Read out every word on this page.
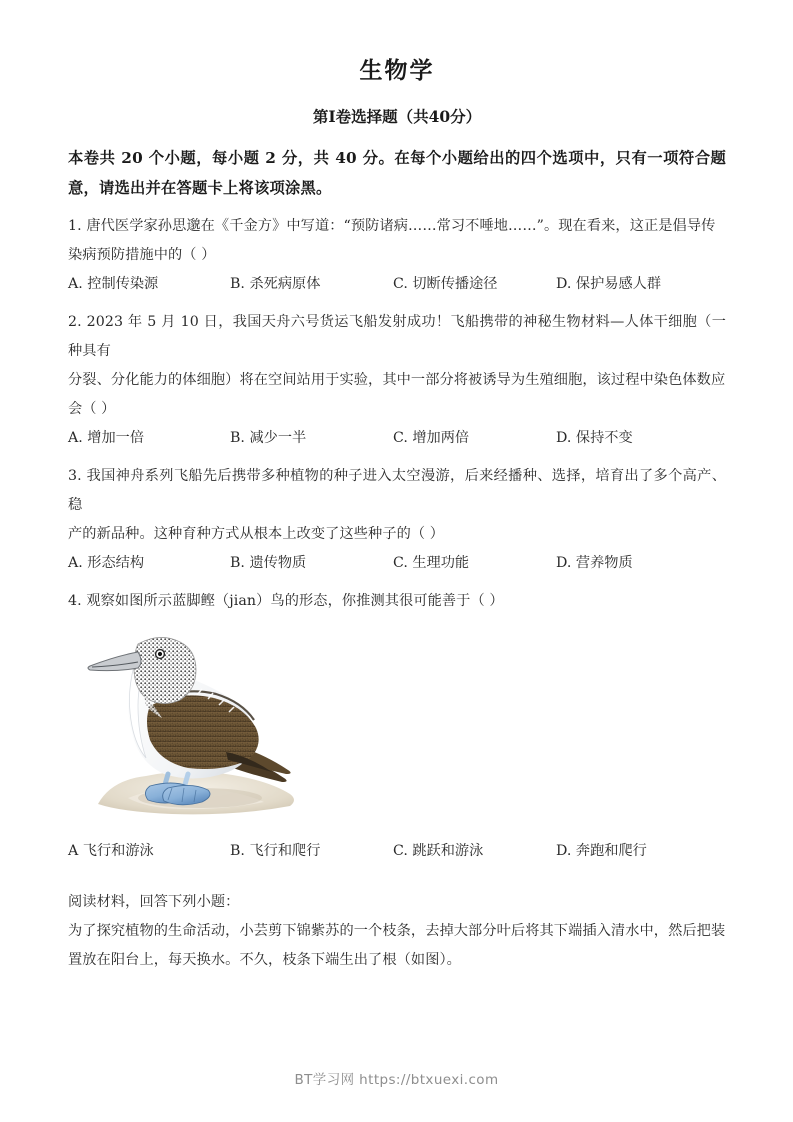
生物学
第I卷选择题（共40分）

本卷共 20 个小题，每小题 2 分，共 40 分。在每个小题给出的四个选项中，只有一项符合题意，请选出并在答题卡上将该项涂黑。

1. 唐代医学家孙思邈在《千金方》中写道：“预防诸病……常习不唾地……”。现在看来，这正是倡导传

染病预防措施中的（ ）

A. 控制传染源	B. 杀死病原体	C. 切断传播途径	D. 保护易感人群

2. 2023 年 5 月 10 日，我国天舟六号货运飞船发射成功！飞船携带的神秘生物材料—人体干细胞（一种具有

分裂、分化能力的体细胞）将在空间站用于实验，其中一部分将被诱导为生殖细胞，该过程中染色体数应

会（ ）

A. 增加一倍	B. 减少一半	C. 增加两倍	D. 保持不变

3. 我国神舟系列飞船先后携带多种植物的种子进入太空漫游，后来经播种、选择，培育出了多个高产、稳

产的新品种。这种育种方式从根本上改变了这些种子的（ ）

A. 形态结构	B. 遗传物质	C. 生理功能	D. 营养物质

4. 观察如图所示蓝脚鲣（jian）鸟的形态，你推测其很可能善于（ ）

A 飞行和游泳	B. 飞行和爬行	C. 跳跃和游泳	D. 奔跑和爬行

阅读材料，回答下列小题：

为了探究植物的生命活动，小芸剪下锦紫苏的一个枝条，去掉大部分叶后将其下端插入清水中，然后把装

置放在阳台上，每天换水。不久，枝条下端生出了根（如图）。

BT学习网 https://btxuexi.com
